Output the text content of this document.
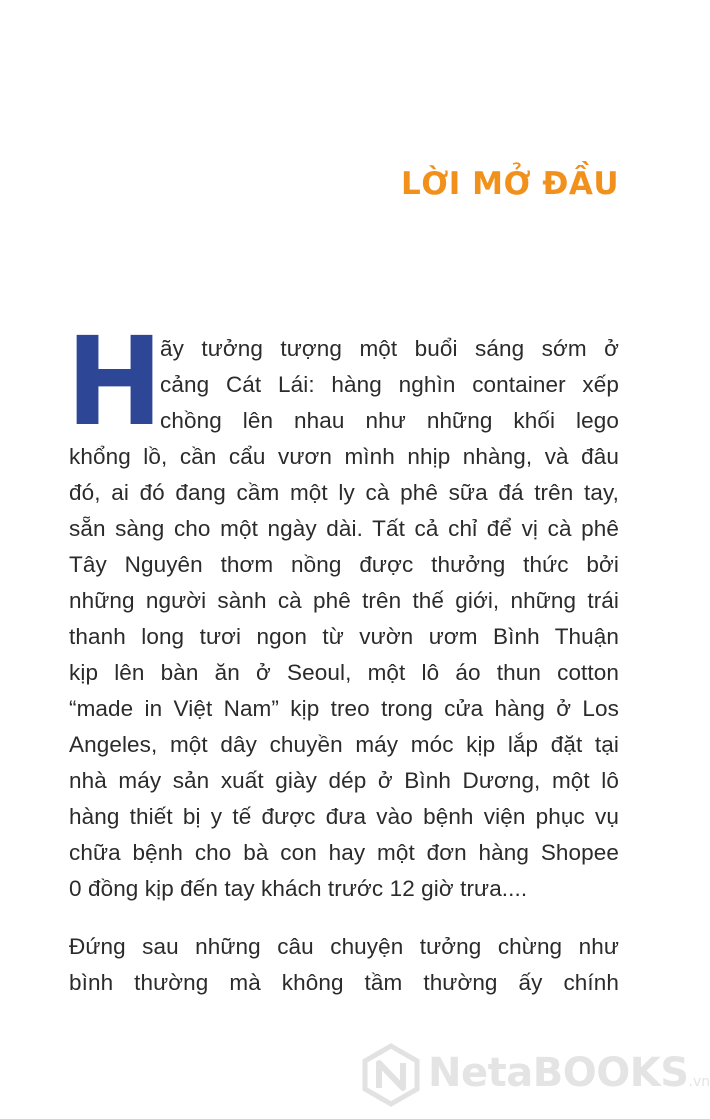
LỜI MỞ ĐẦU
H
ãy tưởng tượng một buổi sáng sớm ở
cảng Cát Lái: hàng nghìn container xếp
chồng lên nhau như những khối lego
khổng lồ, cần cẩu vươn mình nhịp nhàng, và đâu
đó, ai đó đang cầm một ly cà phê sữa đá trên tay,
sẵn sàng cho một ngày dài. Tất cả chỉ để vị cà phê
Tây Nguyên thơm nồng được thưởng thức bởi
những người sành cà phê trên thế giới, những trái
thanh long tươi ngon từ vườn ươm Bình Thuận
kịp lên bàn ăn ở Seoul, một lô áo thun cotton
“made in Việt Nam” kịp treo trong cửa hàng ở Los
Angeles, một dây chuyền máy móc kịp lắp đặt tại
nhà máy sản xuất giày dép ở Bình Dương, một lô
hàng thiết bị y tế được đưa vào bệnh viện phục vụ
chữa bệnh cho bà con hay một đơn hàng Shopee
0 đồng kịp đến tay khách trước 12 giờ trưa....
Đứng sau những câu chuyện tưởng chừng như
bình thường mà không tầm thường ấy chính
NetaBOOKS.vn
